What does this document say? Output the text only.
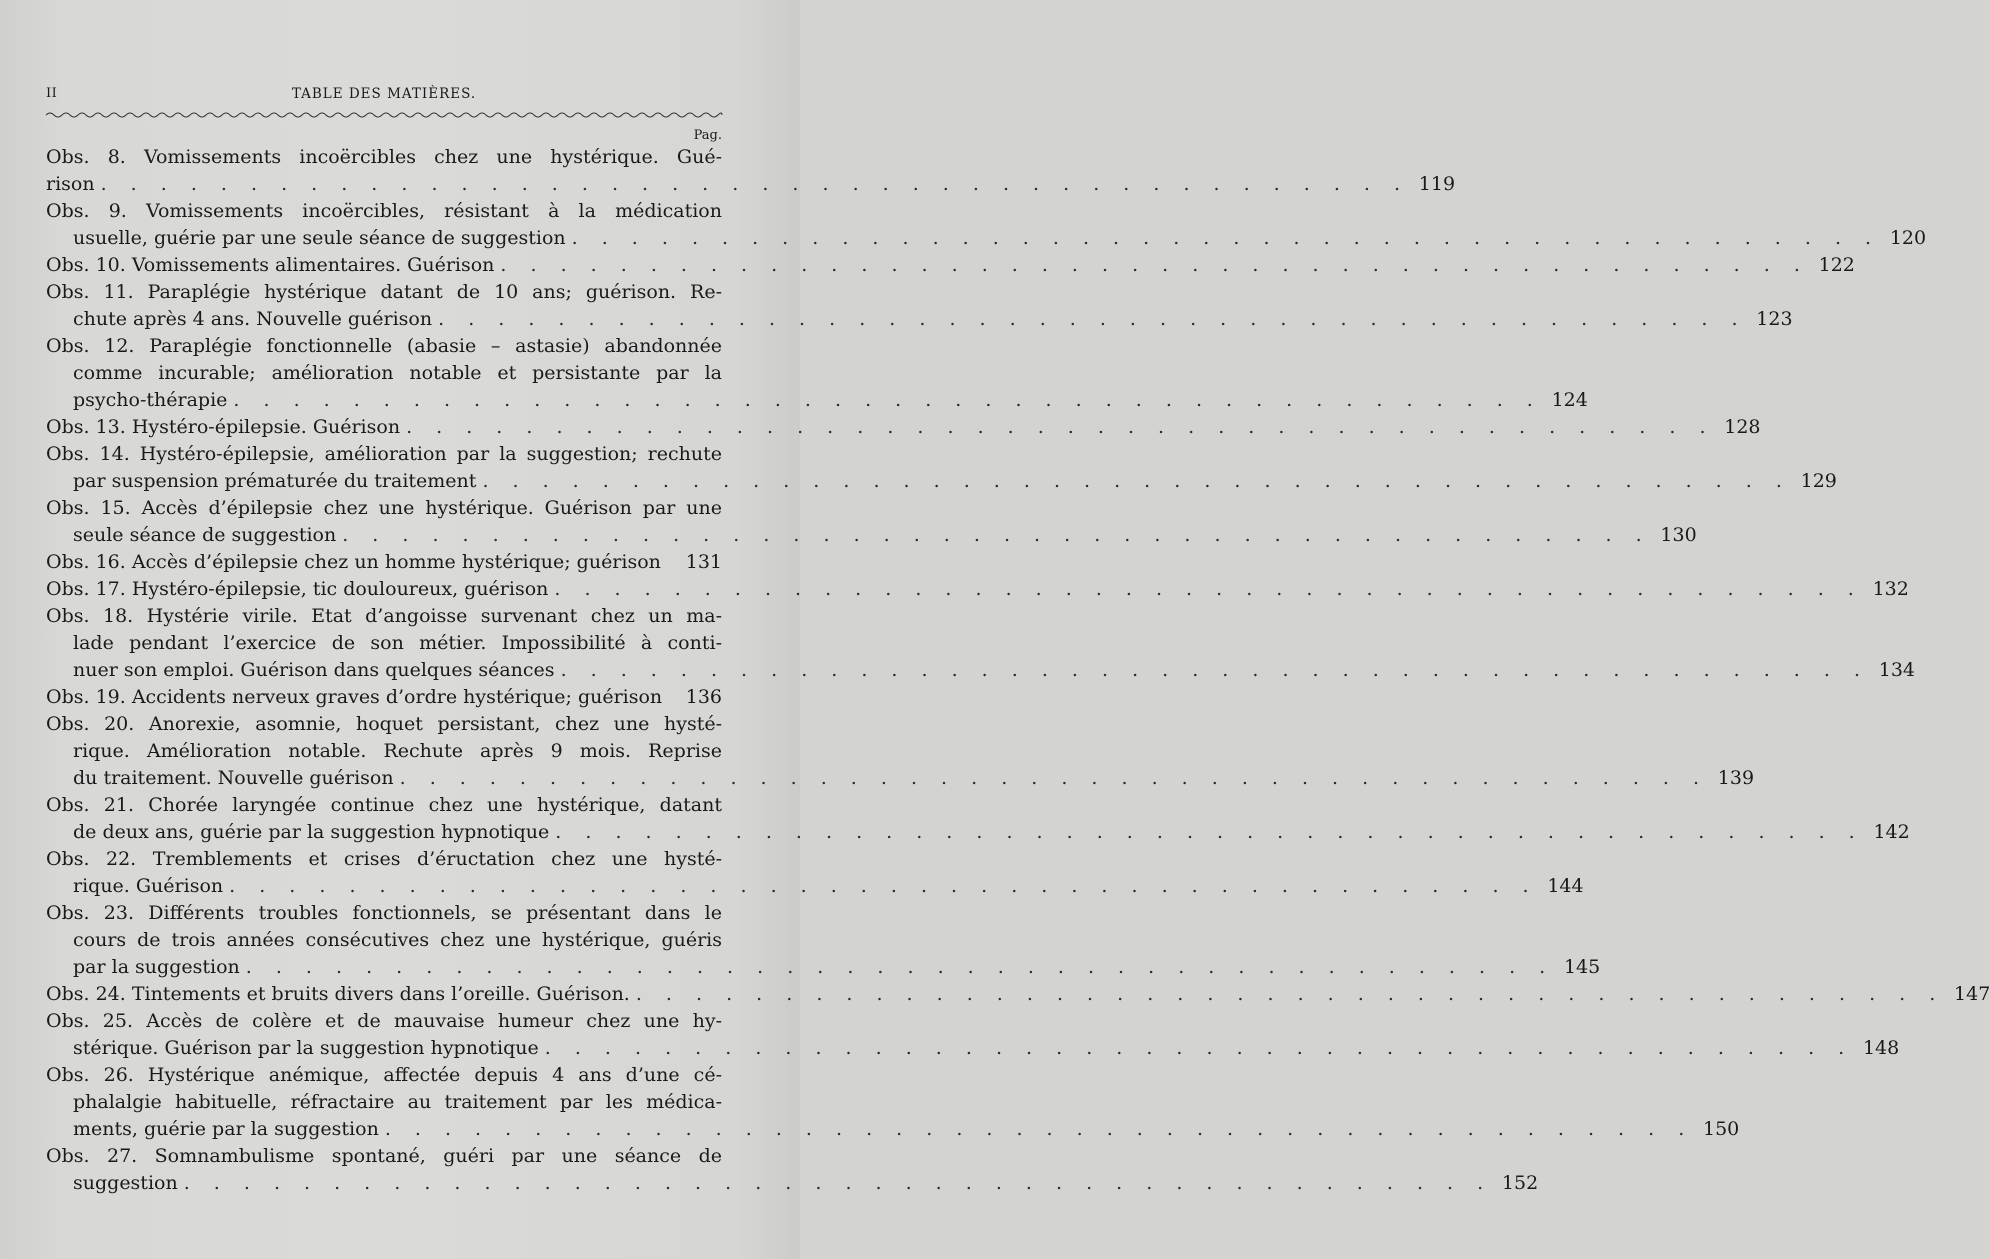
II	TABLE DES MATIÈRES.
Pag.
Obs. 8. Vomissements incoërcibles chez une hystérique. Gué-
rison . . . . . . . . . . . . . . . . . . . . . . . . . . . . . . . . . . . . . . . . . . . . 119
Obs. 9. Vomissements incoërcibles, résistant à la médication
usuelle, guérie par une seule séance de suggestion . . . . . . . . . . . . . . . . . . . . . . . . . . . . . . . . . . . . . . . . . . . . 120
Obs. 10. Vomissements alimentaires. Guérison . . . . . . . . . . . . . . . . . . . . . . . . . . . . . . . . . . . . . . . . . . . . 122
Obs. 11. Paraplégie hystérique datant de 10 ans; guérison. Re-
chute après 4 ans. Nouvelle guérison . . . . . . . . . . . . . . . . . . . . . . . . . . . . . . . . . . . . . . . . . . . . 123
Obs. 12. Paraplégie fonctionnelle (abasie – astasie) abandonnée
comme incurable; amélioration notable et persistante par la
psycho-thérapie . . . . . . . . . . . . . . . . . . . . . . . . . . . . . . . . . . . . . . . . . . . . 124
Obs. 13. Hystéro-épilepsie. Guérison . . . . . . . . . . . . . . . . . . . . . . . . . . . . . . . . . . . . . . . . . . . . 128
Obs. 14. Hystéro-épilepsie, amélioration par la suggestion; rechute
par suspension prématurée du traitement . . . . . . . . . . . . . . . . . . . . . . . . . . . . . . . . . . . . . . . . . . . . 129
Obs. 15. Accès d’épilepsie chez une hystérique. Guérison par une
seule séance de suggestion . . . . . . . . . . . . . . . . . . . . . . . . . . . . . . . . . . . . . . . . . . . . 130
Obs. 16. Accès d’épilepsie chez un homme hystérique; guérison 131
Obs. 17. Hystéro-épilepsie, tic douloureux, guérison . . . . . . . . . . . . . . . . . . . . . . . . . . . . . . . . . . . . . . . . . . . . 132
Obs. 18. Hystérie virile. Etat d’angoisse survenant chez un ma-
lade pendant l’exercice de son métier. Impossibilité à conti-
nuer son emploi. Guérison dans quelques séances . . . . . . . . . . . . . . . . . . . . . . . . . . . . . . . . . . . . . . . . . . . . 134
Obs. 19. Accidents nerveux graves d’ordre hystérique; guérison 136
Obs. 20. Anorexie, asomnie, hoquet persistant, chez une hysté-
rique. Amélioration notable. Rechute après 9 mois. Reprise
du traitement. Nouvelle guérison . . . . . . . . . . . . . . . . . . . . . . . . . . . . . . . . . . . . . . . . . . . . 139
Obs. 21. Chorée laryngée continue chez une hystérique, datant
de deux ans, guérie par la suggestion hypnotique . . . . . . . . . . . . . . . . . . . . . . . . . . . . . . . . . . . . . . . . . . . . 142
Obs. 22. Tremblements et crises d’éructation chez une hysté-
rique. Guérison . . . . . . . . . . . . . . . . . . . . . . . . . . . . . . . . . . . . . . . . . . . . 144
Obs. 23. Différents troubles fonctionnels, se présentant dans le
cours de trois années consécutives chez une hystérique, guéris
par la suggestion . . . . . . . . . . . . . . . . . . . . . . . . . . . . . . . . . . . . . . . . . . . . 145
Obs. 24. Tintements et bruits divers dans l’oreille. Guérison. . . . . . . . . . . . . . . . . . . . . . . . . . . . . . . . . . . . . . . . . . . . . 147
Obs. 25. Accès de colère et de mauvaise humeur chez une hy-
stérique. Guérison par la suggestion hypnotique . . . . . . . . . . . . . . . . . . . . . . . . . . . . . . . . . . . . . . . . . . . . 148
Obs. 26. Hystérique anémique, affectée depuis 4 ans d’une cé-
phalalgie habituelle, réfractaire au traitement par les médica-
ments, guérie par la suggestion . . . . . . . . . . . . . . . . . . . . . . . . . . . . . . . . . . . . . . . . . . . . 150
Obs. 27. Somnambulisme spontané, guéri par une séance de
suggestion . . . . . . . . . . . . . . . . . . . . . . . . . . . . . . . . . . . . . . . . . . . . 152
